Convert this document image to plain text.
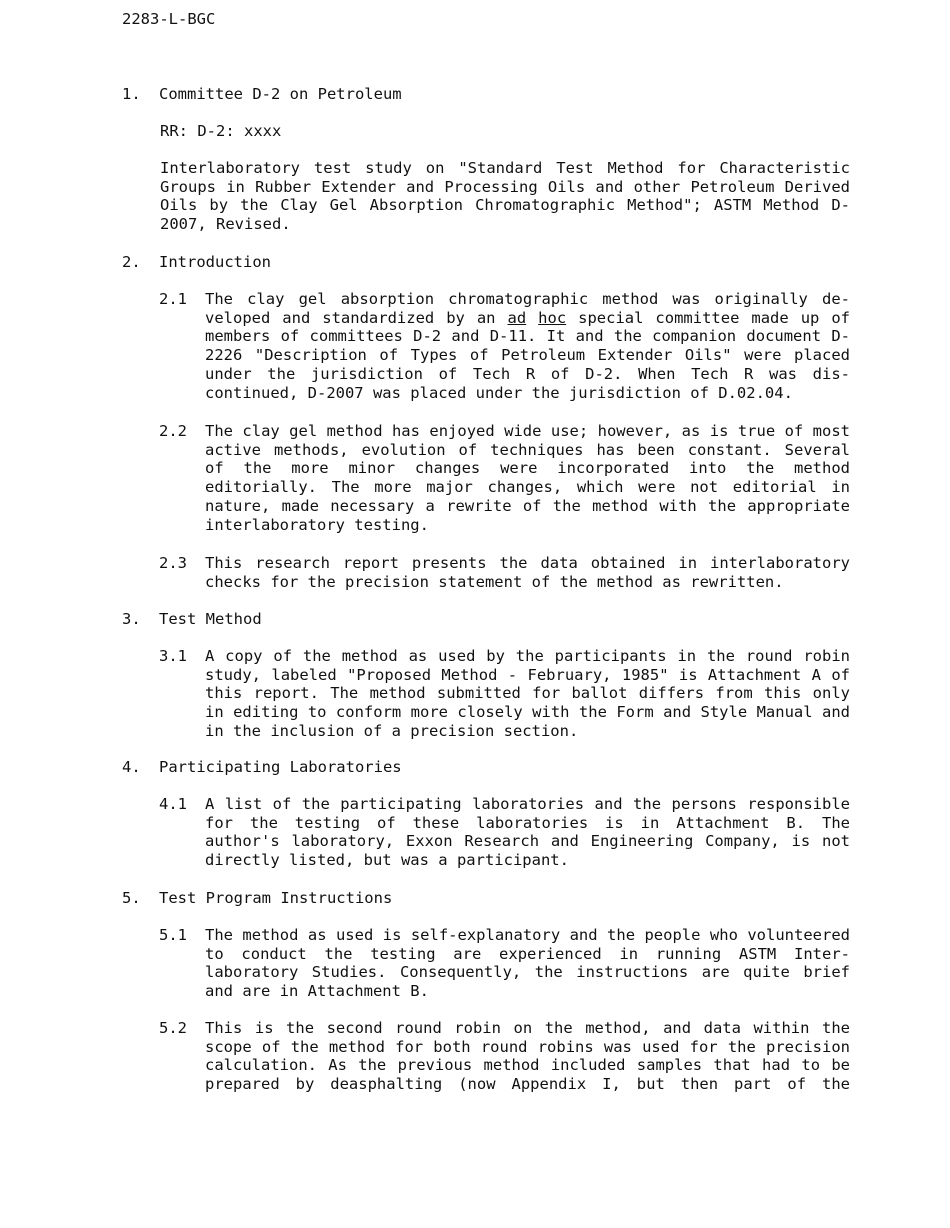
2283-L-BGC
1. Committee D-2 on Petroleum
RR: D-2: xxxx
Interlaboratory test study on "Standard Test Method for Characteristic
Groups in Rubber Extender and Processing Oils and other Petroleum Derived
Oils by the Clay Gel Absorption Chromatographic Method"; ASTM Method D-
2007, Revised.
2. Introduction
2.1 The clay gel absorption chromatographic method was originally de-
veloped and standardized by an ad hoc special committee made up of
members of committees D-2 and D-11. It and the companion document D-
2226 "Description of Types of Petroleum Extender Oils" were placed
under the jurisdiction of Tech R of D-2. When Tech R was dis-
continued, D-2007 was placed under the jurisdiction of D.02.04.
2.2 The clay gel method has enjoyed wide use; however, as is true of most
active methods, evolution of techniques has been constant. Several
of the more minor changes were incorporated into the method
editorially. The more major changes, which were not editorial in
nature, made necessary a rewrite of the method with the appropriate
interlaboratory testing.
2.3 This research report presents the data obtained in interlaboratory
checks for the precision statement of the method as rewritten.
3. Test Method
3.1 A copy of the method as used by the participants in the round robin
study, labeled "Proposed Method - February, 1985" is Attachment A of
this report. The method submitted for ballot differs from this only
in editing to conform more closely with the Form and Style Manual and
in the inclusion of a precision section.
4. Participating Laboratories
4.1 A list of the participating laboratories and the persons responsible
for the testing of these laboratories is in Attachment B. The
author's laboratory, Exxon Research and Engineering Company, is not
directly listed, but was a participant.
5. Test Program Instructions
5.1 The method as used is self-explanatory and the people who volunteered
to conduct the testing are experienced in running ASTM Inter-
laboratory Studies. Consequently, the instructions are quite brief
and are in Attachment B.
5.2 This is the second round robin on the method, and data within the
scope of the method for both round robins was used for the precision
calculation. As the previous method included samples that had to be
prepared by deasphalting (now Appendix I, but then part of the
